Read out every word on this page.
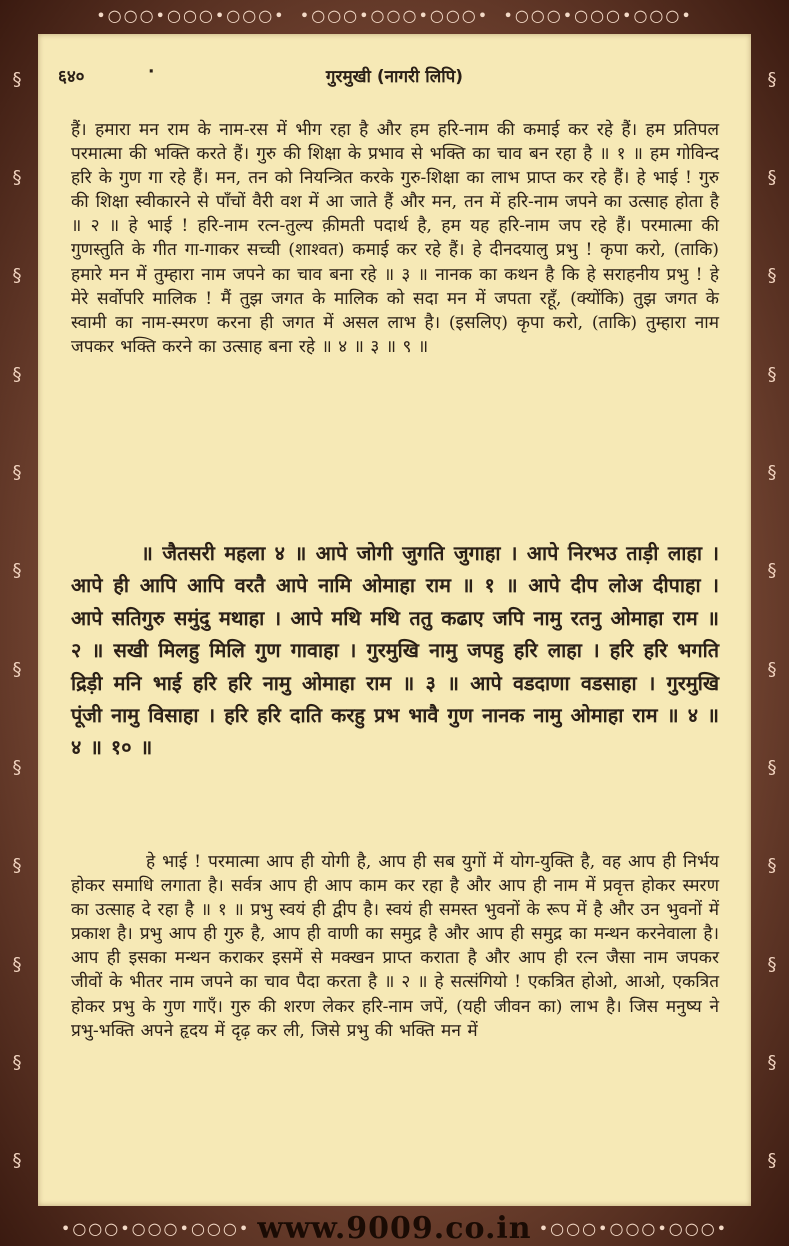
•○○○•○○○•○○○•
•○○○•○○○•○○○•
•○○○•○○○•○○○•
§
§
§
§
§
§
§
§
§
§
§
§
§
§
§
§
§
§
§
§
§
§
§
§
६४०	·	गुरमुखी (नागरी लिपि)
हैं। हमारा मन राम के नाम-रस में भीग रहा है और हम हरि-नाम की कमाई कर रहे हैं। हम प्रतिपल परमात्मा की भक्ति करते हैं। गुरु की शिक्षा के प्रभाव से भक्ति का चाव बन रहा है ॥ १ ॥ हम गोविन्द हरि के गुण गा रहे हैं। मन, तन को नियन्त्रित करके गुरु-शिक्षा का लाभ प्राप्त कर रहे हैं। हे भाई ! गुरु की शिक्षा स्वीकारने से पाँचों वैरी वश में आ जाते हैं और मन, तन में हरि-नाम जपने का उत्साह होता है ॥ २ ॥ हे भाई ! हरि-नाम रत्न-तुल्य क़ीमती पदार्थ है, हम यह हरि-नाम जप रहे हैं। परमात्मा की गुणस्तुति के गीत गा-गाकर सच्ची (शाश्वत) कमाई कर रहे हैं। हे दीनदयालु प्रभु ! कृपा करो, (ताकि) हमारे मन में तुम्हारा नाम जपने का चाव बना रहे ॥ ३ ॥ नानक का कथन है कि हे सराहनीय प्रभु ! हे मेरे सर्वोपरि मालिक ! मैं तुझ जगत के मालिक को सदा मन में जपता रहूँ, (क्योंकि) तुझ जगत के स्वामी का नाम-स्मरण करना ही जगत में असल लाभ है। (इसलिए) कृपा करो, (ताकि) तुम्हारा नाम जपकर भक्ति करने का उत्साह बना रहे ॥ ४ ॥ ३ ॥ ९ ॥
॥ जैतसरी महला ४ ॥ आपे जोगी जुगति जुगाहा । आपे निरभउ ताड़ी लाहा । आपे ही आपि आपि वरतै आपे नामि ओमाहा राम ॥ १ ॥ आपे दीप लोअ दीपाहा । आपे सतिगुरु समुंदु मथाहा । आपे मथि मथि ततु कढाए जपि नामु रतनु ओमाहा राम ॥ २ ॥ सखी मिलहु मिलि गुण गावाहा । गुरमुखि नामु जपहु हरि लाहा । हरि हरि भगति द्रिड़ी मनि भाई हरि हरि नामु ओमाहा राम ॥ ३ ॥ आपे वडदाणा वडसाहा । गुरमुखि पूंजी नामु विसाहा । हरि हरि दाति करहु प्रभ भावै गुण नानक नामु ओमाहा राम ॥ ४ ॥ ४ ॥ १० ॥
हे भाई ! परमात्मा आप ही योगी है, आप ही सब युगों में योग-युक्ति है, वह आप ही निर्भय होकर समाधि लगाता है। सर्वत्र आप ही आप काम कर रहा है और आप ही नाम में प्रवृत्त होकर स्मरण का उत्साह दे रहा है ॥ १ ॥ प्रभु स्वयं ही द्वीप है। स्वयं ही समस्त भुवनों के रूप में है और उन भुवनों में प्रकाश है। प्रभु आप ही गुरु है, आप ही वाणी का समुद्र है और आप ही समुद्र का मन्थन करनेवाला है। आप ही इसका मन्थन कराकर इसमें से मक्खन प्राप्त कराता है और आप ही रत्न जैसा नाम जपकर जीवों के भीतर नाम जपने का चाव पैदा करता है ॥ २ ॥ हे सत्संगियो ! एकत्रित होओ, आओ, एकत्रित होकर प्रभु के गुण गाएँ। गुरु की शरण लेकर हरि-नाम जपें, (यही जीवन का) लाभ है। जिस मनुष्य ने प्रभु-भक्ति अपने हृदय में दृढ़ कर ली, जिसे प्रभु की भक्ति मन में
•○○○•○○○•○○○•
www.9009.co.in
•○○○•○○○•○○○•
